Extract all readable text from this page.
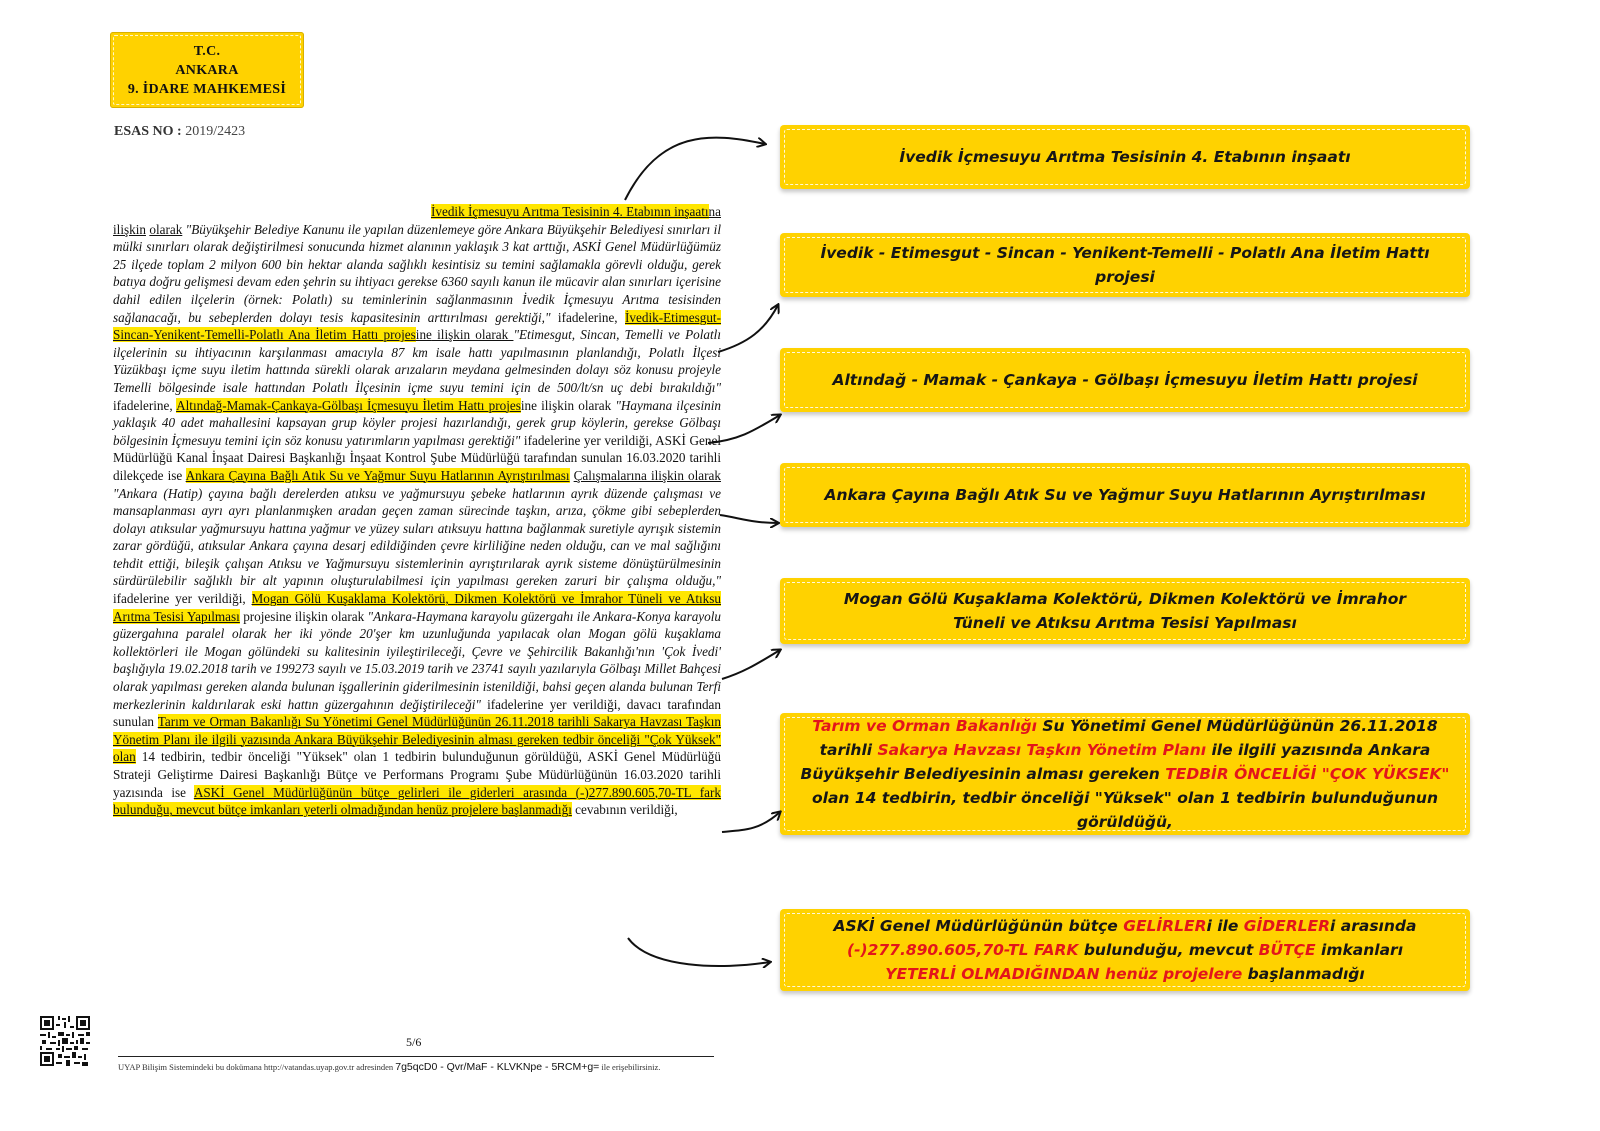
T.C.
ANKARA
9. İDARE MAHKEMESİ
ESAS NO : 2019/2423

İvedik İçmesuyu Arıtma Tesisinin 4. Etabının inşaatına

ilişkin olarak "Büyükşehir Belediye Kanunu ile yapılan düzenlemeye göre Ankara Büyükşehir Belediyesi sınırları il mülki sınırları olarak değiştirilmesi sonucunda hizmet alanının yaklaşık 3 kat arttığı, ASKİ Genel Müdürlüğümüz 25 ilçede toplam 2 milyon 600 bin hektar alanda sağlıklı kesintisiz su temini sağlamakla görevli olduğu, gerek batıya doğru gelişmesi devam eden şehrin su ihtiyacı gerekse 6360 sayılı kanun ile mücavir alan sınırları içerisine dahil edilen ilçelerin (örnek: Polatlı) su teminlerinin sağlanmasının İvedik İçmesuyu Arıtma tesisinden sağlanacağı, bu sebeplerden dolayı tesis kapasitesinin arttırılması gerektiği," ifadelerine, İvedik-Etimesgut-Sincan-Yenikent-Temelli-Polatlı Ana İletim Hattı projesine ilişkin olarak "Etimesgut, Sincan, Temelli ve Polatlı ilçelerinin su ihtiyacının karşılanması amacıyla 87 km isale hattı yapılmasının planlandığı, Polatlı İlçesi Yüzükbaşı içme suyu iletim hattında sürekli olarak arızaların meydana gelmesinden dolayı söz konusu projeyle Temelli bölgesinde isale hattından Polatlı İlçesinin içme suyu temini için de 500/lt/sn uç debi bırakıldığı" ifadelerine, Altındağ-Mamak-Çankaya-Gölbaşı İçmesuyu İletim Hattı projesine ilişkin olarak "Haymana ilçesinin yaklaşık 40 adet mahallesini kapsayan grup köyler projesi hazırlandığı, gerek grup köylerin, gerekse Gölbaşı bölgesinin İçmesuyu temini için söz konusu yatırımların yapılması gerektiği" ifadelerine yer verildiği, ASKİ Genel Müdürlüğü Kanal İnşaat Dairesi Başkanlığı İnşaat Kontrol Şube Müdürlüğü tarafından sunulan 16.03.2020 tarihli dilekçede ise Ankara Çayına Bağlı Atık Su ve Yağmur Suyu Hatlarının Ayrıştırılması Çalışmalarına ilişkin olarak "Ankara (Hatip) çayına bağlı derelerden atıksu ve yağmursuyu şebeke hatlarının ayrık düzende çalışması ve mansaplanması ayrı ayrı planlanmışken aradan geçen zaman sürecinde taşkın, arıza, çökme gibi sebeplerden dolayı atıksular yağmursuyu hattına yağmur ve yüzey suları atıksuyu hattına bağlanmak suretiyle ayrışık sistemin zarar gördüğü, atıksular Ankara çayına desarj edildiğinden çevre kirliliğine neden olduğu, can ve mal sağlığını tehdit ettiği, bileşik çalışan Atıksu ve Yağmursuyu sistemlerinin ayrıştırılarak ayrık sisteme dönüştürülmesinin sürdürülebilir sağlıklı bir alt yapının oluşturulabilmesi için yapılması gereken zaruri bir çalışma olduğu," ifadelerine yer verildiği, Mogan Gölü Kuşaklama Kolektörü, Dikmen Kolektörü ve İmrahor Tüneli ve Atıksu Arıtma Tesisi Yapılması projesine ilişkin olarak "Ankara-Haymana karayolu güzergahı ile Ankara-Konya karayolu güzergahına paralel olarak her iki yönde 20'şer km uzunluğunda yapılacak olan Mogan gölü kuşaklama kollektörleri ile Mogan gölündeki su kalitesinin iyileştirileceği, Çevre ve Şehircilik Bakanlığı'nın 'Çok İvedi' başlığıyla 19.02.2018 tarih ve 199273 sayılı ve 15.03.2019 tarih ve 23741 sayılı yazılarıyla Gölbaşı Millet Bahçesi olarak yapılması gereken alanda bulunan işgallerinin giderilmesinin istenildiği, bahsi geçen alanda bulunan Terfi merkezlerinin kaldırılarak eski hattın güzergahının değiştirileceği" ifadelerine yer verildiği, davacı tarafından sunulan Tarım ve Orman Bakanlığı Su Yönetimi Genel Müdürlüğünün 26.11.2018 tarihli Sakarya Havzası Taşkın Yönetim Planı ile ilgili yazısında Ankara Büyükşehir Belediyesinin alması gereken tedbir önceliği "Çok Yüksek" olan 14 tedbirin, tedbir önceliği "Yüksek" olan 1 tedbirin bulunduğunun görüldüğü, ASKİ Genel Müdürlüğü Strateji Geliştirme Dairesi Başkanlığı Bütçe ve Performans Programı Şube Müdürlüğünün 16.03.2020 tarihli yazısında ise ASKİ Genel Müdürlüğünün bütçe gelirleri ile giderleri arasında (-)277.890.605,70-TL fark bulunduğu, mevcut bütçe imkanları yeterli olmadığından henüz projelere başlanmadığı cevabının verildiği,

İvedik İçmesuyu Arıtma Tesisinin 4. Etabının inşaatı
İvedik - Etimesgut - Sincan - Yenikent-Temelli - Polatlı Ana İletim Hattı projesi
Altındağ - Mamak - Çankaya - Gölbaşı İçmesuyu İletim Hattı projesi
Ankara Çayına Bağlı Atık Su ve Yağmur Suyu Hatlarının Ayrıştırılması
Mogan Gölü Kuşaklama Kolektörü, Dikmen Kolektörü ve İmrahor Tüneli ve Atıksu Arıtma Tesisi Yapılması
Tarım ve Orman Bakanlığı Su Yönetimi Genel Müdürlüğünün 26.11.2018 tarihli Sakarya Havzası Taşkın Yönetim Planı ile ilgili yazısında Ankara Büyükşehir Belediyesinin alması gereken TEDBİR ÖNCELİĞİ "ÇOK YÜKSEK" olan 14 tedbirin, tedbir önceliği "Yüksek" olan 1 tedbirin bulunduğunun görüldüğü,
ASKİ Genel Müdürlüğünün bütçe GELİRLERi ile GİDERLERi arasında (-)277.890.605,70-TL FARK bulunduğu, mevcut BÜTÇE imkanları YETERLİ OLMADIĞINDAN henüz projelere başlanmadığı
5/6
UYAP Bilişim Sistemindeki bu dokümana http://vatandas.uyap.gov.tr adresinden 7g5qcD0 - Qvr/MaF - KLVKNpe - 5RCM+g= ile erişebilirsiniz.
